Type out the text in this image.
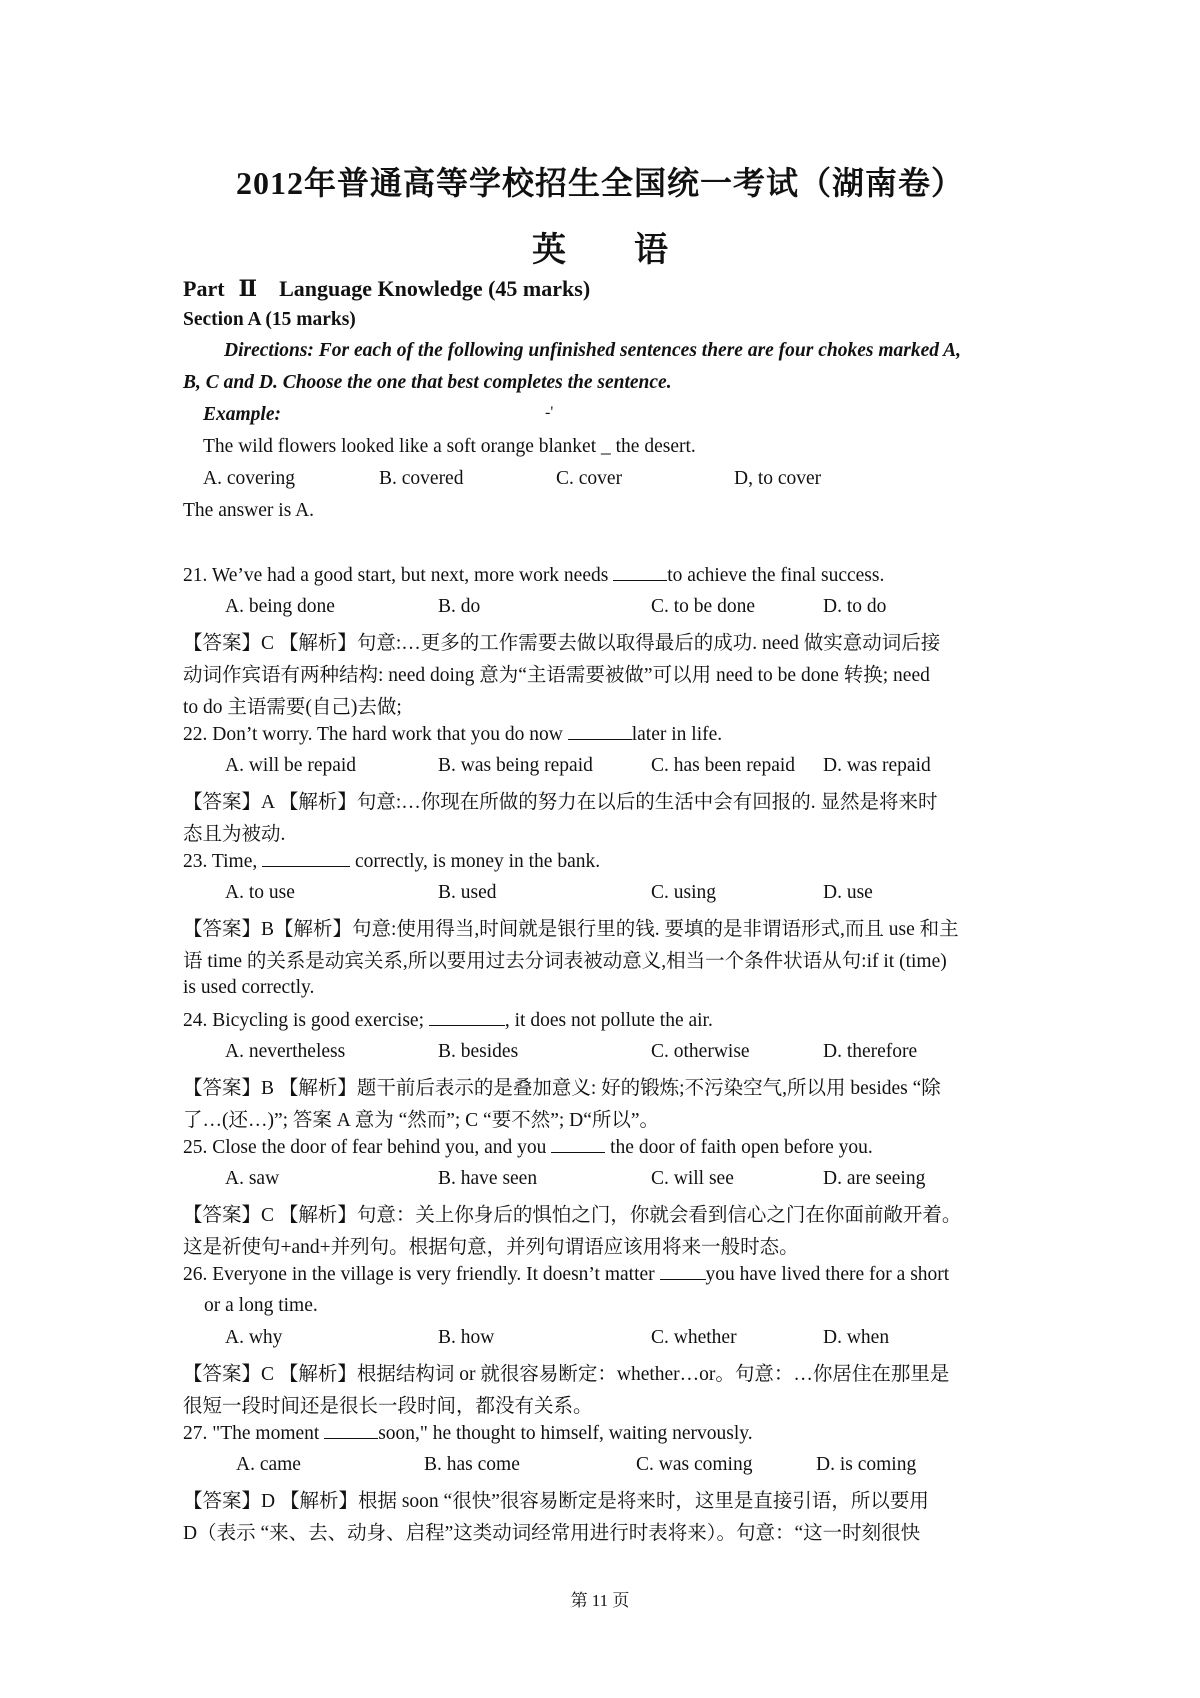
2012年普通高等学校招生全国统一考试（湖南卷）
英 语
Part Ⅱ Language Knowledge (45 marks)
Section A (15 marks)
Directions: For each of the following unfinished sentences there are four chokes marked A,
B, C and D. Choose the one that best completes the sentence.
Example:	-'
The wild flowers looked like a soft orange blanket _ the desert.
A. covering	B. covered	C. cover	D, to cover
The answer is A.
21. We’ve had a good start, but next, more work needs	to achieve the final success.
A. being done	B. do	C. to be done	D. to do
【答案】C 【解析】句意:…更多的工作需要去做以取得最后的成功. need 做实意动词后接
动词作宾语有两种结构: need doing 意为“主语需要被做”可以用 need to be done 转换; need
to do 主语需要(自己)去做;
22. Don’t worry. The hard work that you do now	later in life.
A. will be repaid	B. was being repaid	C. has been repaid D. was repaid
【答案】A 【解析】句意:…你现在所做的努力在以后的生活中会有回报的. 显然是将来时
态且为被动.
23. Time,	correctly, is money in the bank.
A. to use	B. used	C. using	D. use
【答案】B【解析】句意:使用得当,时间就是银行里的钱. 要填的是非谓语形式,而且 use 和主
语 time 的关系是动宾关系,所以要用过去分词表被动意义,相当一个条件状语从句:if it (time)
is used correctly.
24. Bicycling is good exercise;	, it does not pollute the air.
A. nevertheless	B. besides	C. otherwise	D. therefore
【答案】B 【解析】题干前后表示的是叠加意义: 好的锻炼;不污染空气,所以用 besides “除
了…(还…)”; 答案 A 意为 “然而”; C “要不然”; D“所以”。
25. Close the door of fear behind you, and you	the door of faith open before you.
A. saw	B. have seen	C. will see	D. are seeing
【答案】C 【解析】句意：关上你身后的惧怕之门，你就会看到信心之门在你面前敞开着。
这是祈使句+and+并列句。根据句意，并列句谓语应该用将来一般时态。
26. Everyone in the village is very friendly. It doesn’t matter you have lived there for a short
or a long time.
A. why	B. how	C. whether	D. when
【答案】C 【解析】根据结构词 or 就很容易断定：whether…or。句意：…你居住在那里是
很短一段时间还是很长一段时间，都没有关系。
27. "The moment	soon," he thought to himself, waiting nervously.
A. came	B. has come	C. was coming	D. is coming
【答案】D 【解析】根据 soon “很快”很容易断定是将来时，这里是直接引语，所以要用
D（表示 “来、去、动身、启程”这类动词经常用进行时表将来）。句意：“这一时刻很快
第 11 页
